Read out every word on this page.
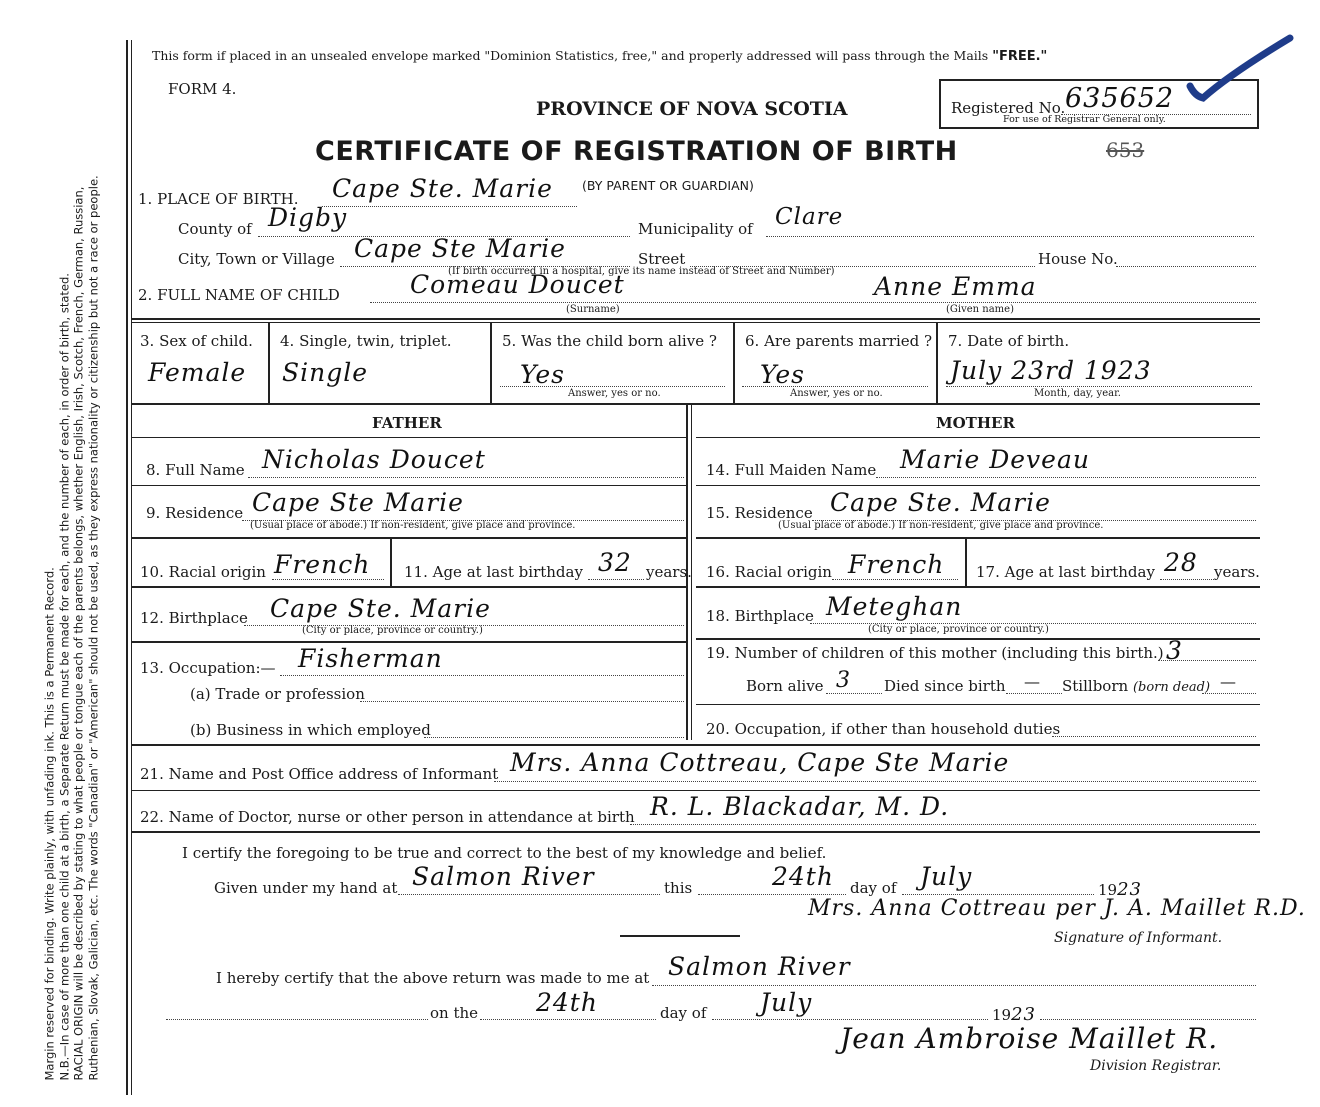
Margin reserved for binding. Write plainly, with unfading ink. This is a Permanent Record. N.B.—In case of more than one child at a birth, a Separate Return must be made for each, and the number of each, in order of birth, stated. RACIAL ORIGIN will be described by stating to what people or tongue each of the parents belongs, whether English, Irish, Scotch, French, German, Russian, Ruthenian, Slovak, Galician, etc. The words "Canadian" or "American" should not be used, as they express nationality or citizenship but not a race or people.
This form if placed in an unsealed envelope marked "Dominion Statistics, free," and properly addressed will pass through the Mails "FREE."
FORM 4.
PROVINCE OF NOVA SCOTIA
CERTIFICATE OF REGISTRATION OF BIRTH	653
(BY PARENT OR GUARDIAN)
Registered No. 635652
For use of Registrar General only.
1. PLACE OF BIRTH. Cape Ste. Marie
County of Digby	Municipality of Clare
City, Town or Village Cape Ste Marie	Street	House No.
(If birth occurred in a hospital, give its name instead of Street and Number)
2. FULL NAME OF CHILD	Comeau Doucet	Anne Emma
(Surname)	(Given name)
3. Sex of child.
Female
4. Single, twin, triplet.
Single
5. Was the child born alive ?
Yes
Answer, yes or no.
6. Are parents married ?
Yes
Answer, yes or no.
7. Date of birth.
July 23rd 1923
Month, day, year.
FATHER	MOTHER
8. Full Name Nicholas Doucet
9. Residence Cape Ste Marie
(Usual place of abode.) If non-resident, give place and province.
10. Racial origin French 11. Age at last birthday 32 years.
12. Birthplace Cape Ste. Marie
(City or place, province or country.)
13. Occupation:— Fisherman
(a) Trade or profession
(b) Business in which employed
14. Full Maiden Name Marie Deveau
15. Residence Cape Ste. Marie
(Usual place of abode.) If non-resident, give place and province.
16. Racial origin French 17. Age at last birthday 28 years.
18. Birthplace Meteghan
(City or place, province or country.)
19. Number of children of this mother (including this birth.) 3
Born alive 3 Died since birth — Stillborn (born dead) —
20. Occupation, if other than household duties
21. Name and Post Office address of Informant Mrs. Anna Cottreau, Cape Ste Marie
22. Name of Doctor, nurse or other person in attendance at birth R. L. Blackadar, M. D.
I certify the foregoing to be true and correct to the best of my knowledge and belief.
Given under my hand at Salmon River	this	24th day of July	1923
Mrs. Anna Cottreau per J. A. Maillet R.D.
Signature of Informant.
I hereby certify that the above return was made to me at Salmon River
on the 24th	day of July	1923
Jean Ambroise Maillet R.
Division Registrar.
